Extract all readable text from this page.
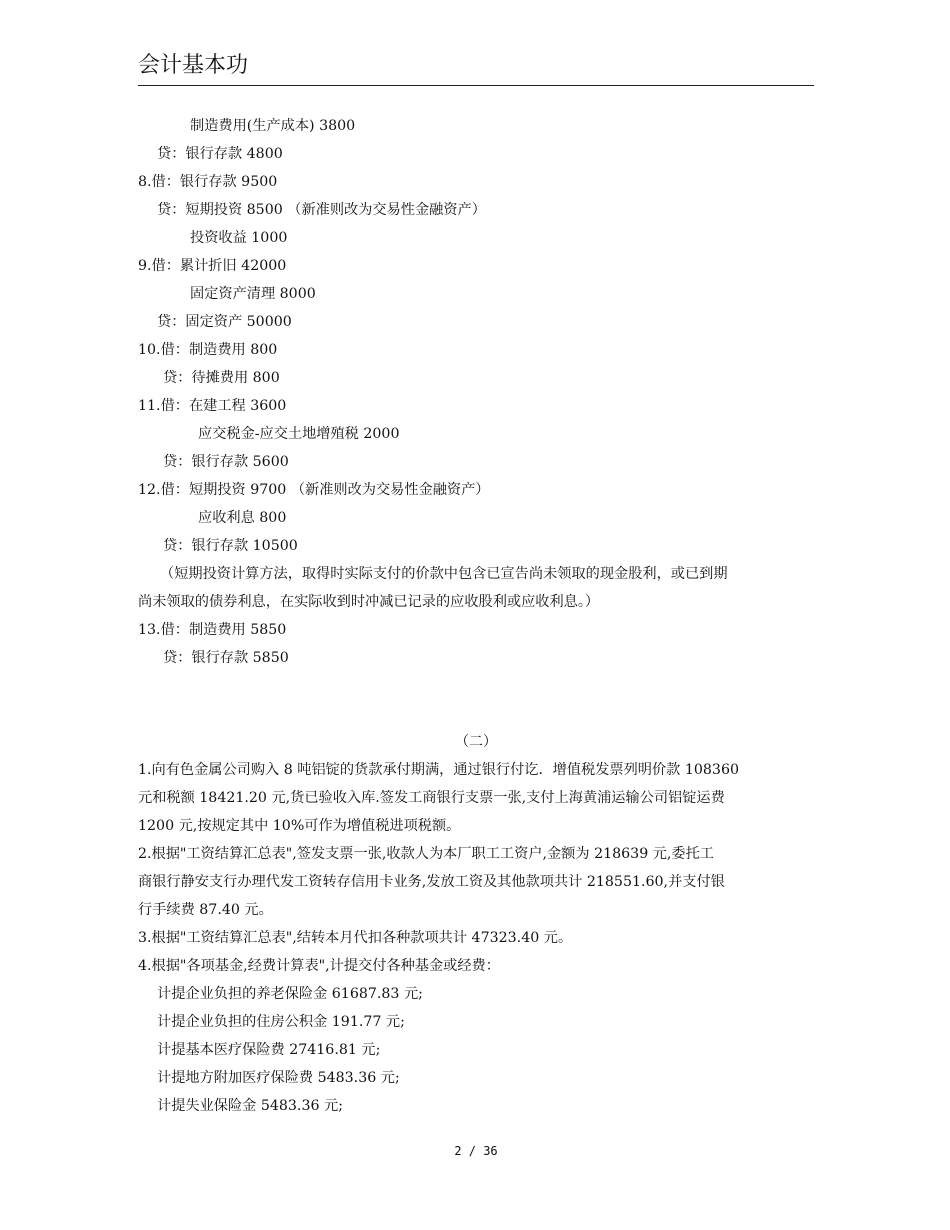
会计基本功
制造费用(生产成本) 3800
贷：银行存款 4800
8.借：银行存款 9500
贷：短期投资 8500 （新准则改为交易性金融资产）
投资收益 1000
9.借：累计折旧 42000
固定资产清理 8000
贷：固定资产 50000
10.借：制造费用 800
贷：待摊费用 800
11.借：在建工程 3600
应交税金-应交土地增殖税 2000
贷：银行存款 5600
12.借：短期投资 9700 （新准则改为交易性金融资产）
应收利息 800
贷：银行存款 10500
（短期投资计算方法，取得时实际支付的价款中包含已宣告尚未领取的现金股利，或已到期
尚未领取的债券利息，在实际收到时冲减已记录的应收股利或应收利息。）
13.借：制造费用 5850
贷：银行存款 5850
（二）
1.向有色金属公司购入 8 吨铝锭的货款承付期满，通过银行付讫．增值税发票列明价款 108360
元和税额 18421.20 元,货已验收入库.签发工商银行支票一张,支付上海黄浦运输公司铝锭运费
1200 元,按规定其中 10%可作为增值税进项税额。
2.根据"工资结算汇总表",签发支票一张,收款人为本厂职工工资户,金额为 218639 元,委托工
商银行静安支行办理代发工资转存信用卡业务,发放工资及其他款项共计 218551.60,并支付银
行手续费 87.40 元。
3.根据"工资结算汇总表",结转本月代扣各种款项共计 47323.40 元。
4.根据"各项基金,经费计算表",计提交付各种基金或经费：
计提企业负担的养老保险金 61687.83 元;
计提企业负担的住房公积金 191.77 元;
计提基本医疗保险费 27416.81 元;
计提地方附加医疗保险费 5483.36 元;
计提失业保险金 5483.36 元;
2 / 36
